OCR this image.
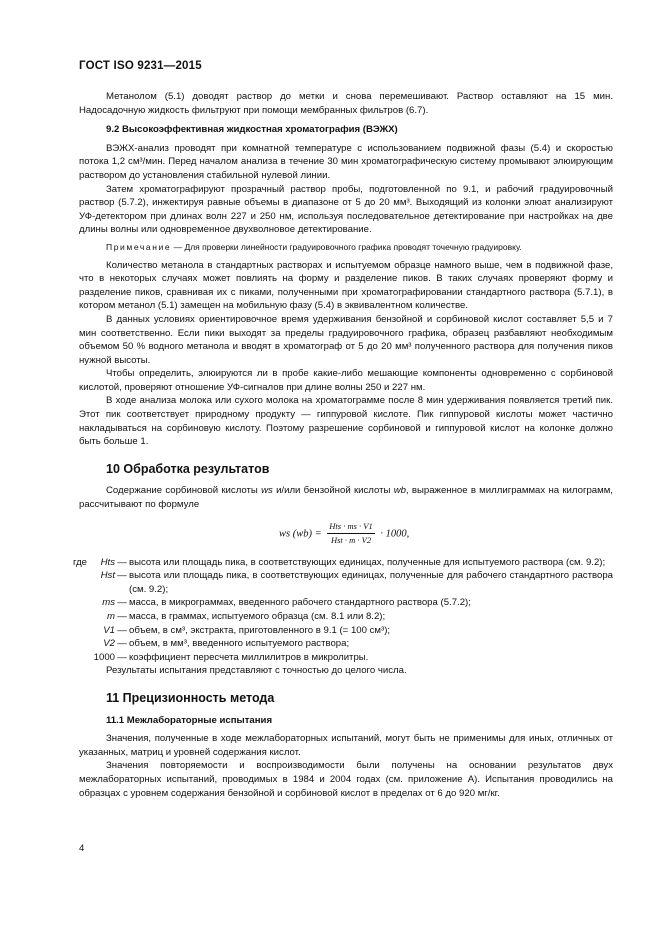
ГОСТ ISO 9231—2015

Метанолом (5.1) доводят раствор до метки и снова перемешивают. Раствор оставляют на 15 мин. Надосадочную жидкость фильтруют при помощи мембранных фильтров (6.7).

9.2 Высокоэффективная жидкостная хроматография (ВЭЖХ)

ВЭЖХ-анализ проводят при комнатной температуре с использованием подвижной фазы (5.4) и скоростью потока 1,2 см³/мин. Перед началом анализа в течение 30 мин хроматографическую систему промывают элюирующим раствором до установления стабильной нулевой линии.

Затем хроматографируют прозрачный раствор пробы, подготовленной по 9.1, и рабочий градуировочный раствор (5.7.2), инжектируя равные объемы в диапазоне от 5 до 20 мм³. Выходящий из колонки элюат анализируют УФ-детектором при длинах волн 227 и 250 нм, используя последовательное детектирование при настройках на две длины волны или одновременное двухволновое детектирование.

Примечание — Для проверки линейности градуировочного графика проводят точечную градуировку.

Количество метанола в стандартных растворах и испытуемом образце намного выше, чем в подвижной фазе, что в некоторых случаях может повлиять на форму и разделение пиков. В таких случаях проверяют форму и разделение пиков, сравнивая их с пиками, полученными при хроматографировании стандартного раствора (5.7.1), в котором метанол (5.1) замещен на мобильную фазу (5.4) в эквивалентном количестве.

В данных условиях ориентировочное время удерживания бензойной и сорбиновой кислот составляет 5,5 и 7 мин соответственно. Если пики выходят за пределы градуировочного графика, образец разбавляют необходимым объемом 50 % водного метанола и вводят в хроматограф от 5 до 20 мм³ полученного раствора для получения пиков нужной высоты.

Чтобы определить, элюируются ли в пробе какие-либо мешающие компоненты одновременно с сорбиновой кислотой, проверяют отношение УФ-сигналов при длине волны 250 и 227 нм.

В ходе анализа молока или сухого молока на хроматограмме после 8 мин удерживания появляется третий пик. Этот пик соответствует природному продукту — гиппуровой кислоте. Пик гиппуровой кислоты может частично накладываться на сорбиновую кислоту. Поэтому разрешение сорбиновой и гиппуровой кислот на колонке должно быть больше 1.

10 Обработка результатов

Содержание сорбиновой кислоты ws и/или бензойной кислоты wb, выраженное в миллиграммах на килограмм, рассчитывают по формуле

ws $(wb) = \frac{\text{Hts · ms · V1}}{\text{Hst · m · V2}} \cdot 1000$,
где Hts — высота или площадь пика, в соответствующих единицах, полученные для испытуемого раствора (см. 9.2);
Hst — высота или площадь пика, в соответствующих единицах, полученные для рабочего стандартного раствора (см. 9.2);
ms — масса, в микрограммах, введенного рабочего стандартного раствора (5.7.2);
m — масса, в граммах, испытуемого образца (см. 8.1 или 8.2);
V1 — объем, в см³, экстракта, приготовленного в 9.1 (= 100 см³);
V2 — объем, в мм³, введенного испытуемого раствора;
1000 — коэффициент пересчета миллилитров в микролитры.

Результаты испытания представляют с точностью до целого числа.

11 Прецизионность метода
11.1 Межлабораторные испытания

Значения, полученные в ходе межлабораторных испытаний, могут быть не применимы для иных, отличных от указанных, матриц и уровней содержания кислот.

Значения повторяемости и воспроизводимости были получены на основании результатов двух межлабораторных испытаний, проводимых в 1984 и 2004 годах (см. приложение A). Испытания проводились на образцах с уровнем содержания бензойной и сорбиновой кислот в пределах от 6 до 920 мг/кг.

4
